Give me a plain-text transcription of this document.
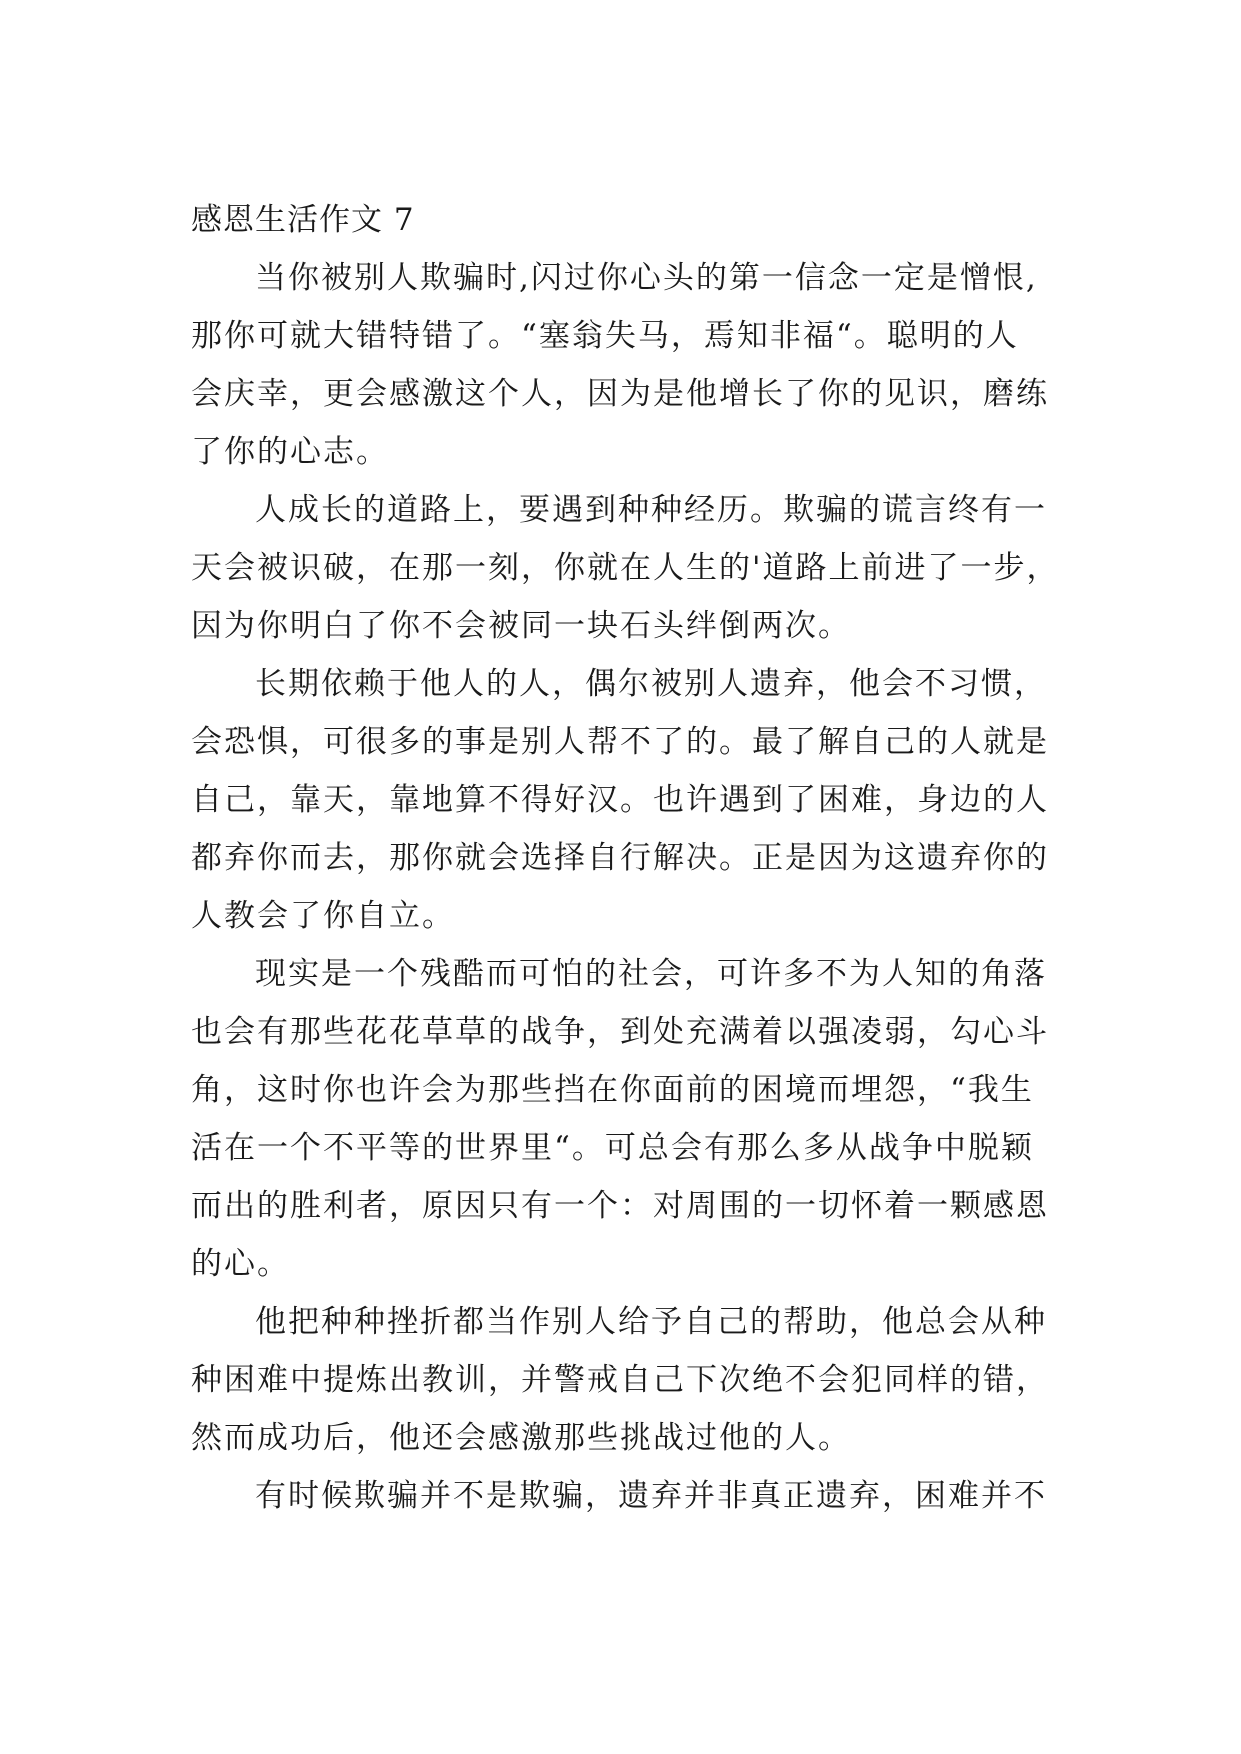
感恩生活作文 7

当你被别人欺骗时,闪过你心头的第一信念一定是憎恨,
那你可就大错特错了。“塞翁失马，焉知非福“。聪明的人
会庆幸，更会感激这个人，因为是他增长了你的见识，磨练
了你的心志。

人成长的道路上，要遇到种种经历。欺骗的谎言终有一
天会被识破，在那一刻，你就在人生的'道路上前进了一步，
因为你明白了你不会被同一块石头绊倒两次。

长期依赖于他人的人，偶尔被别人遗弃，他会不习惯，
会恐惧，可很多的事是别人帮不了的。最了解自己的人就是
自己，靠天，靠地算不得好汉。也许遇到了困难，身边的人
都弃你而去，那你就会选择自行解决。正是因为这遗弃你的
人教会了你自立。

现实是一个残酷而可怕的社会，可许多不为人知的角落
也会有那些花花草草的战争，到处充满着以强凌弱，勾心斗
角，这时你也许会为那些挡在你面前的困境而埋怨，“我生
活在一个不平等的世界里“。可总会有那么多从战争中脱颖
而出的胜利者，原因只有一个：对周围的一切怀着一颗感恩
的心。

他把种种挫折都当作别人给予自己的帮助，他总会从种
种困难中提炼出教训，并警戒自己下次绝不会犯同样的错，
然而成功后，他还会感激那些挑战过他的人。

有时候欺骗并不是欺骗，遗弃并非真正遗弃，困难并不
